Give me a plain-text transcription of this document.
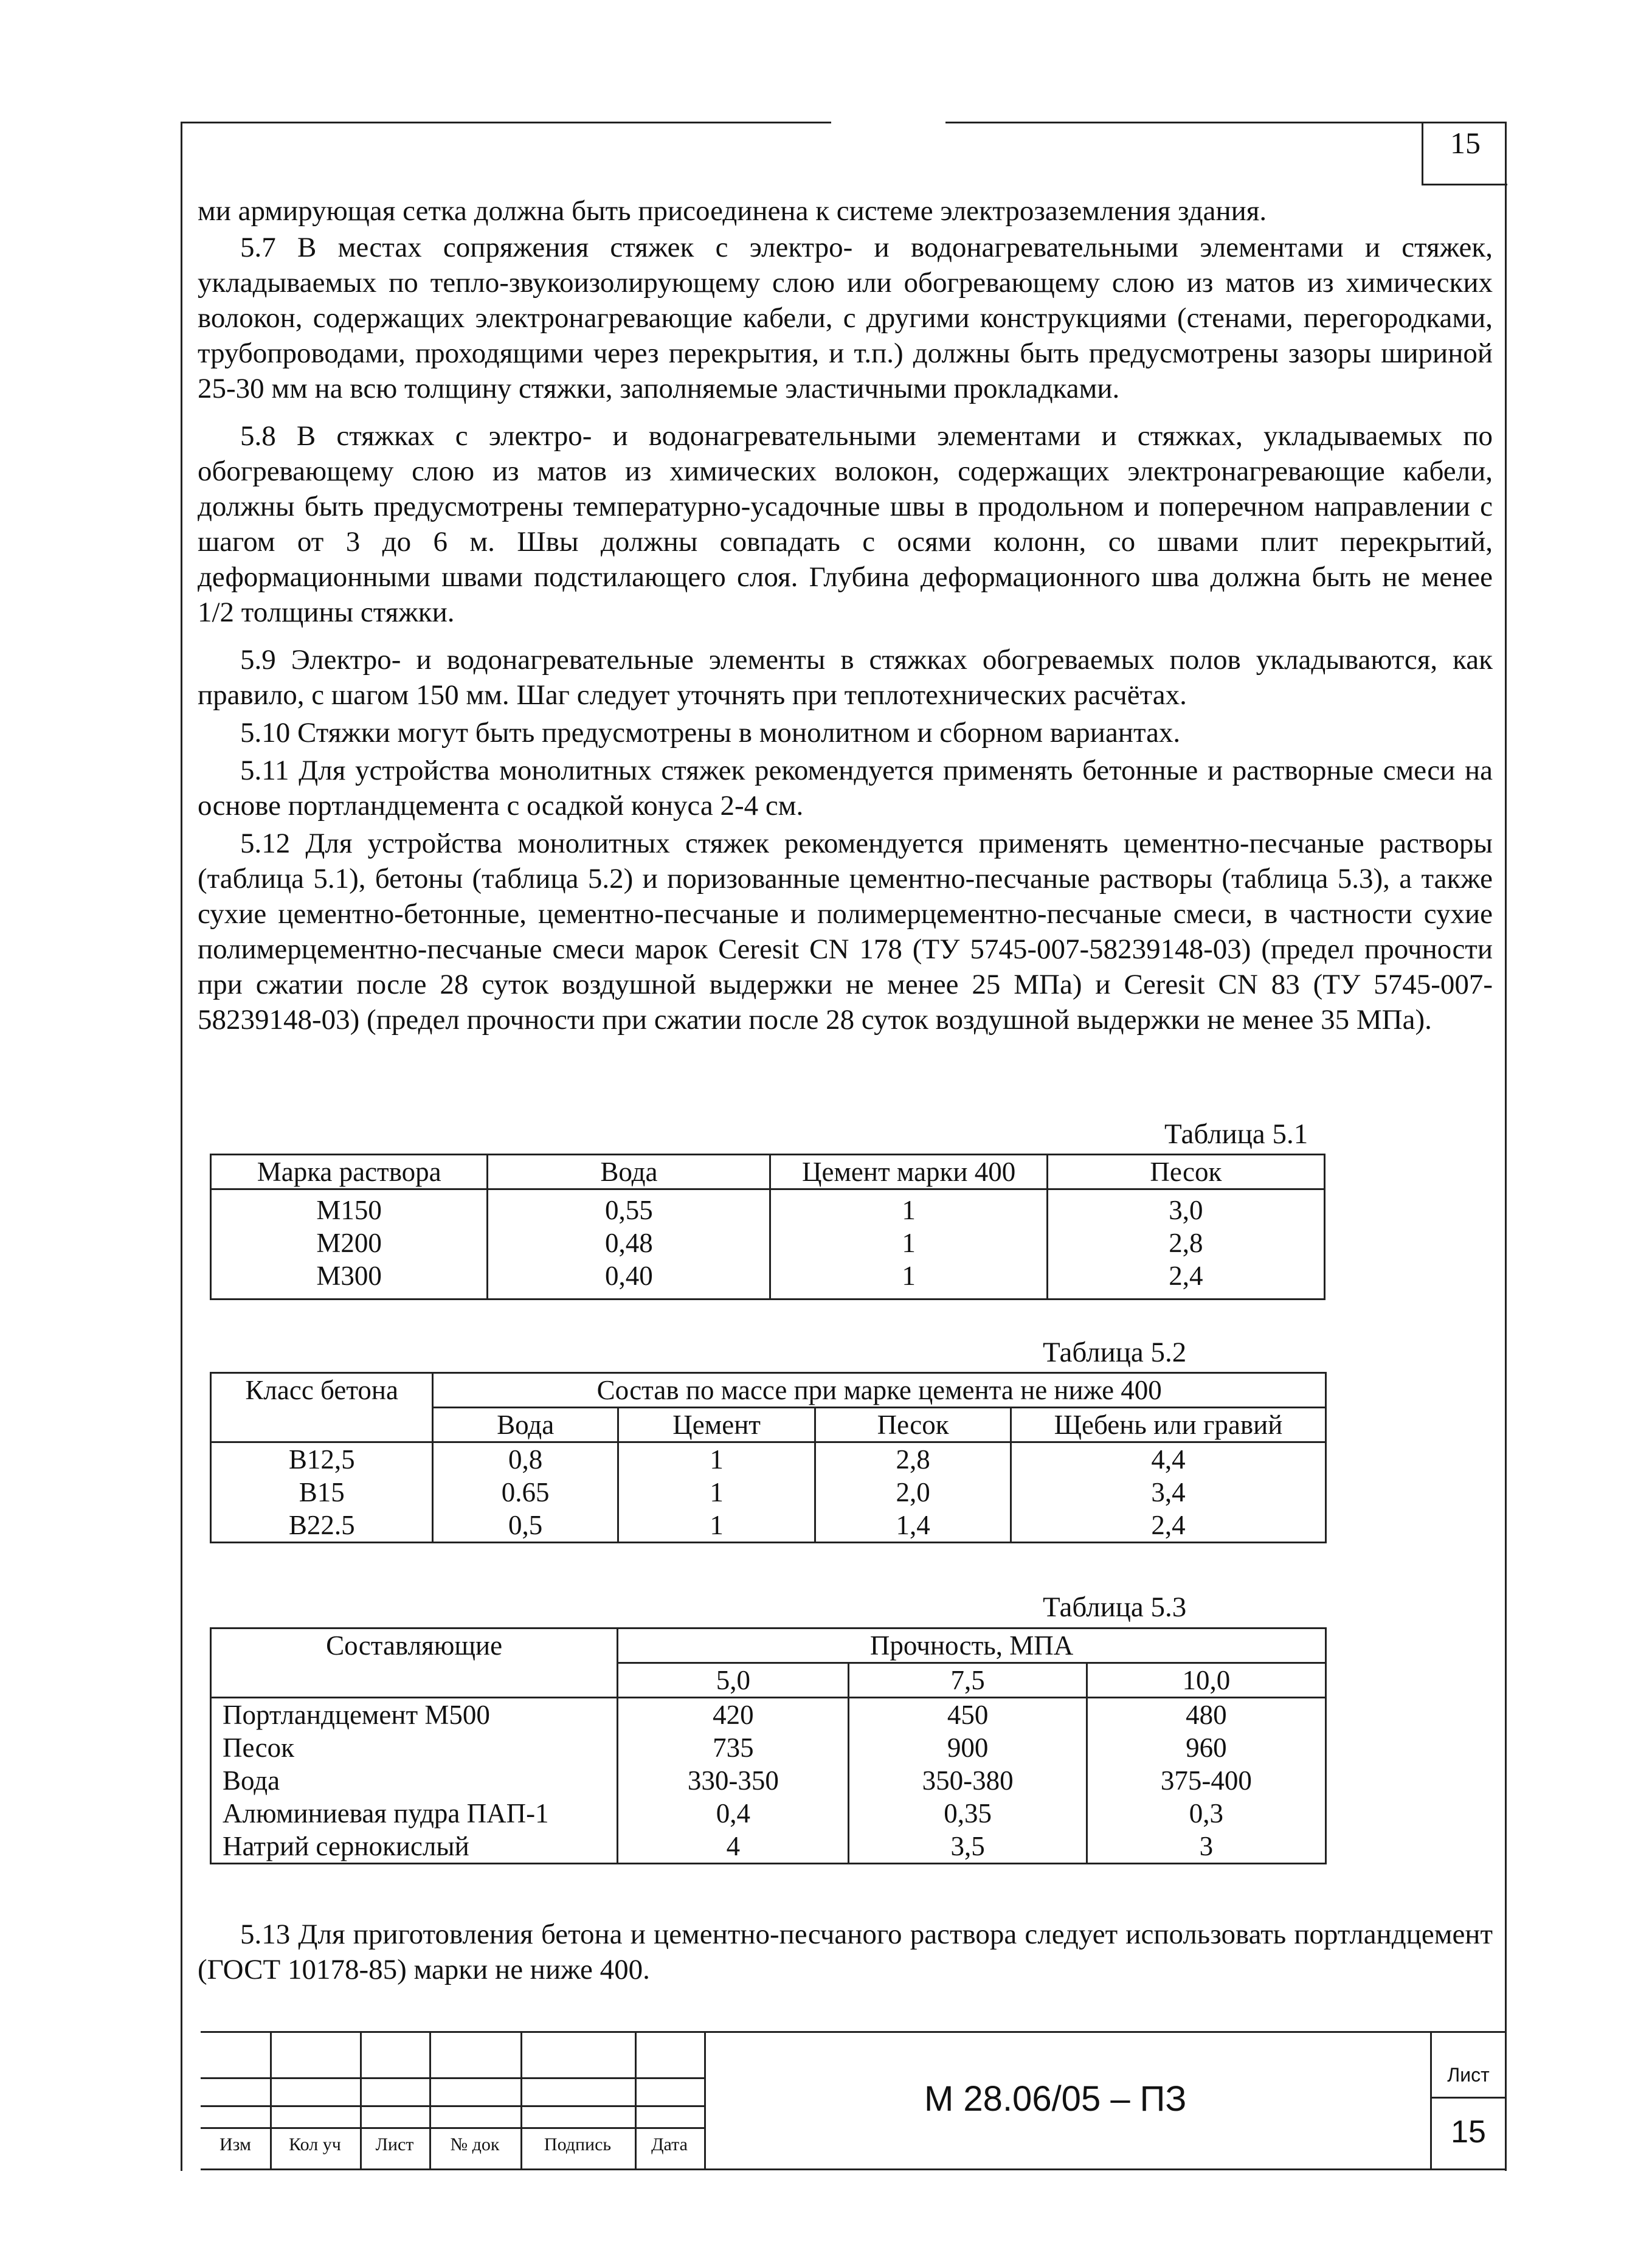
15

ми армирующая сетка должна быть присоединена к системе электрозаземления здания.

5.7 В местах сопряжения стяжек с электро- и водонагревательными элементами и стяжек, укладываемых по тепло-звукоизолирующему слою или обогревающему слою из матов из химических волокон, содержащих электронагревающие кабели, с другими конструкциями (стенами, перегородками, трубопроводами, проходящими через перекрытия, и т.п.) должны быть предусмотрены зазоры шириной 25-30 мм на всю толщину стяжки, заполняемые эластичными прокладками.

5.8 В стяжках с электро- и водонагревательными элементами и стяжках, укладываемых по обогревающему слою из матов из химических волокон, содержащих электронагревающие кабели, должны быть предусмотрены температурно-усадочные швы в продольном и поперечном направлении с шагом от 3 до 6 м. Швы должны совпадать с осями колонн, со швами плит перекрытий, деформационными швами подстилающего слоя. Глубина деформационного шва должна быть не менее 1/2 толщины стяжки.

5.9 Электро- и водонагревательные элементы в стяжках обогреваемых полов укладываются, как правило, с шагом 150 мм. Шаг следует уточнять при теплотехнических расчётах.

5.10 Стяжки могут быть предусмотрены в монолитном и сборном вариантах.

5.11 Для устройства монолитных стяжек рекомендуется применять бетонные и растворные смеси на основе портландцемента с осадкой конуса 2-4 см.

5.12 Для устройства монолитных стяжек рекомендуется применять цементно-песчаные растворы (таблица 5.1), бетоны (таблица 5.2) и поризованные цементно-песчаные растворы (таблица 5.3), а также сухие цементно-бетонные, цементно-песчаные и полимерцементно-песчаные смеси, в частности сухие полимерцементно-песчаные смеси марок Ceresit CN 178 (ТУ 5745-007-58239148-03) (предел прочности при сжатии после 28 суток воздушной выдержки не менее 25 МПа) и Ceresit CN 83 (ТУ 5745-007-58239148-03) (предел прочности при сжатии после 28 суток воздушной выдержки не менее 35 МПа).

Таблица 5.1
Марка раствора	Вода	Цемент марки 400	Песок
М150	0,55	1	3,0
М200	0,48	1	2,8
М300	0,40	1	2,4
Таблица 5.2
Класс бетона	Состав по массе при марке цемента не ниже 400			
	Вода	Цемент	Песок	Щебень или гравий
В12,5	0,8	1	2,8	4,4
В15	0.65	1	2,0	3,4
В22.5	0,5	1	1,4	2,4
Таблица 5.3
Составляющие	Прочность, МПА		
	5,0	7,5	10,0
Портландцемент М500	420	450	480
Песок	735	900	960
Вода	330-350	350-380	375-400
Алюминиевая пудра ПАП-1	0,4	0,35	0,3
Натрий сернокислый	4	3,5	3

5.13 Для приготовления бетона и цементно-песчаного раствора следует использовать портландцемент (ГОСТ 10178-85) марки не ниже 400.

Изм	Кол уч	Лист	№ док	Подпись	Дата
М 28.06/05 – ПЗ
Лист
15
